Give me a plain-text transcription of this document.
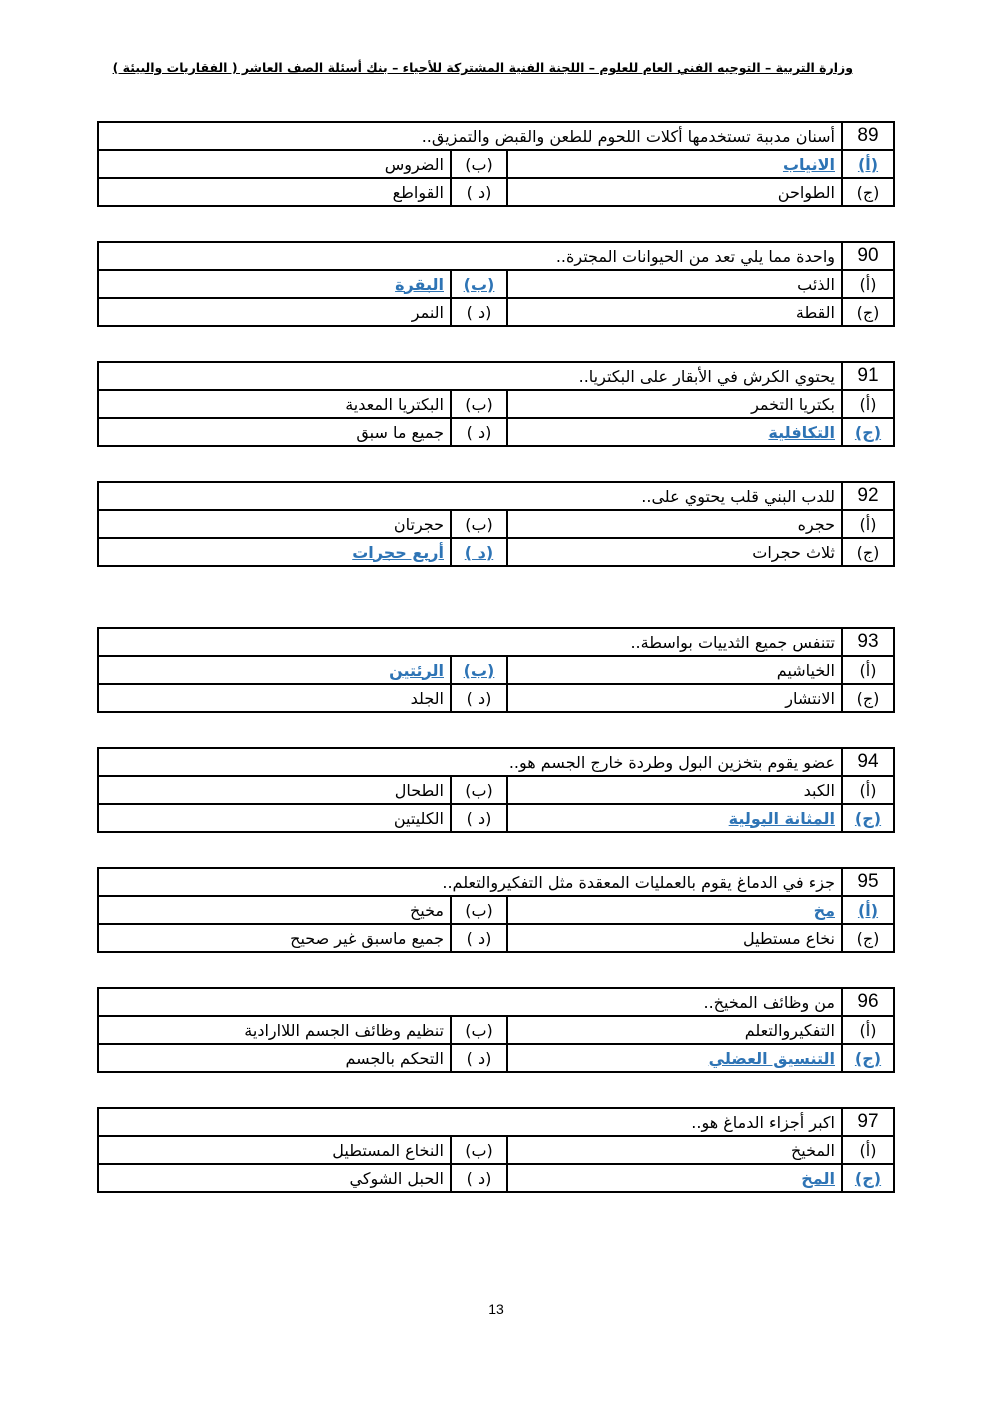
وزارة التربية – التوجيه الفني العام للعلوم – اللجنة الفنية المشتركة للأحياء – بنك أسئلة الصف العاشر ( الفقاريات والبيئة )
89	أسنان مدببة تستخدمها أكلات اللحوم للطعن والقبض والتمزيق..		
(أ)	الانياب	(ب)	الضروس
(ج)	الطواحن	(د )	القواطع
90	واحدة مما يلي تعد من الحيوانات المجترة..		
(أ)	الذئب	(ب)	البقرة
(ج)	القطة	(د )	النمر
91	يحتوي الكرش في الأبقار على البكتريا..		
(أ)	بكتريا التخمر	(ب)	البكتريا المعدية
(ج)	التكافلية	(د )	جميع ما سبق
92	للدب البني قلب يحتوي على..		
(أ)	حجره	(ب)	حجرتان
(ج)	ثلاث حجرات	(د )	أربع حجرات
93	تتنفس جميع الثدييات بواسطة..		
(أ)	الخياشيم	(ب)	الرئتين
(ج)	الانتشار	(د )	الجلد
94	عضو يقوم بتخزين البول وطردة خارج الجسم هو..		
(أ)	الكبد	(ب)	الطحال
(ج)	المثانة البولية	(د )	الكليتين
95	جزء في الدماغ يقوم بالعمليات المعقدة مثل التفكيروالتعلم..		
(أ)	مخ	(ب)	مخيخ
(ج)	نخاع مستطيل	(د )	جميع ماسبق غير صحيح
96	من وظائف المخيخ..		
(أ)	التفكيروالتعلم	(ب)	تنظيم وظائف الجسم اللاارادية
(ج)	التنسيق العضلي	(د )	التحكم بالجسم
97	اكبر أجزاء الدماغ هو..		
(أ)	المخيخ	(ب)	النخاع المستطيل
(ج)	المخ	(د )	الحبل الشوكي
13
